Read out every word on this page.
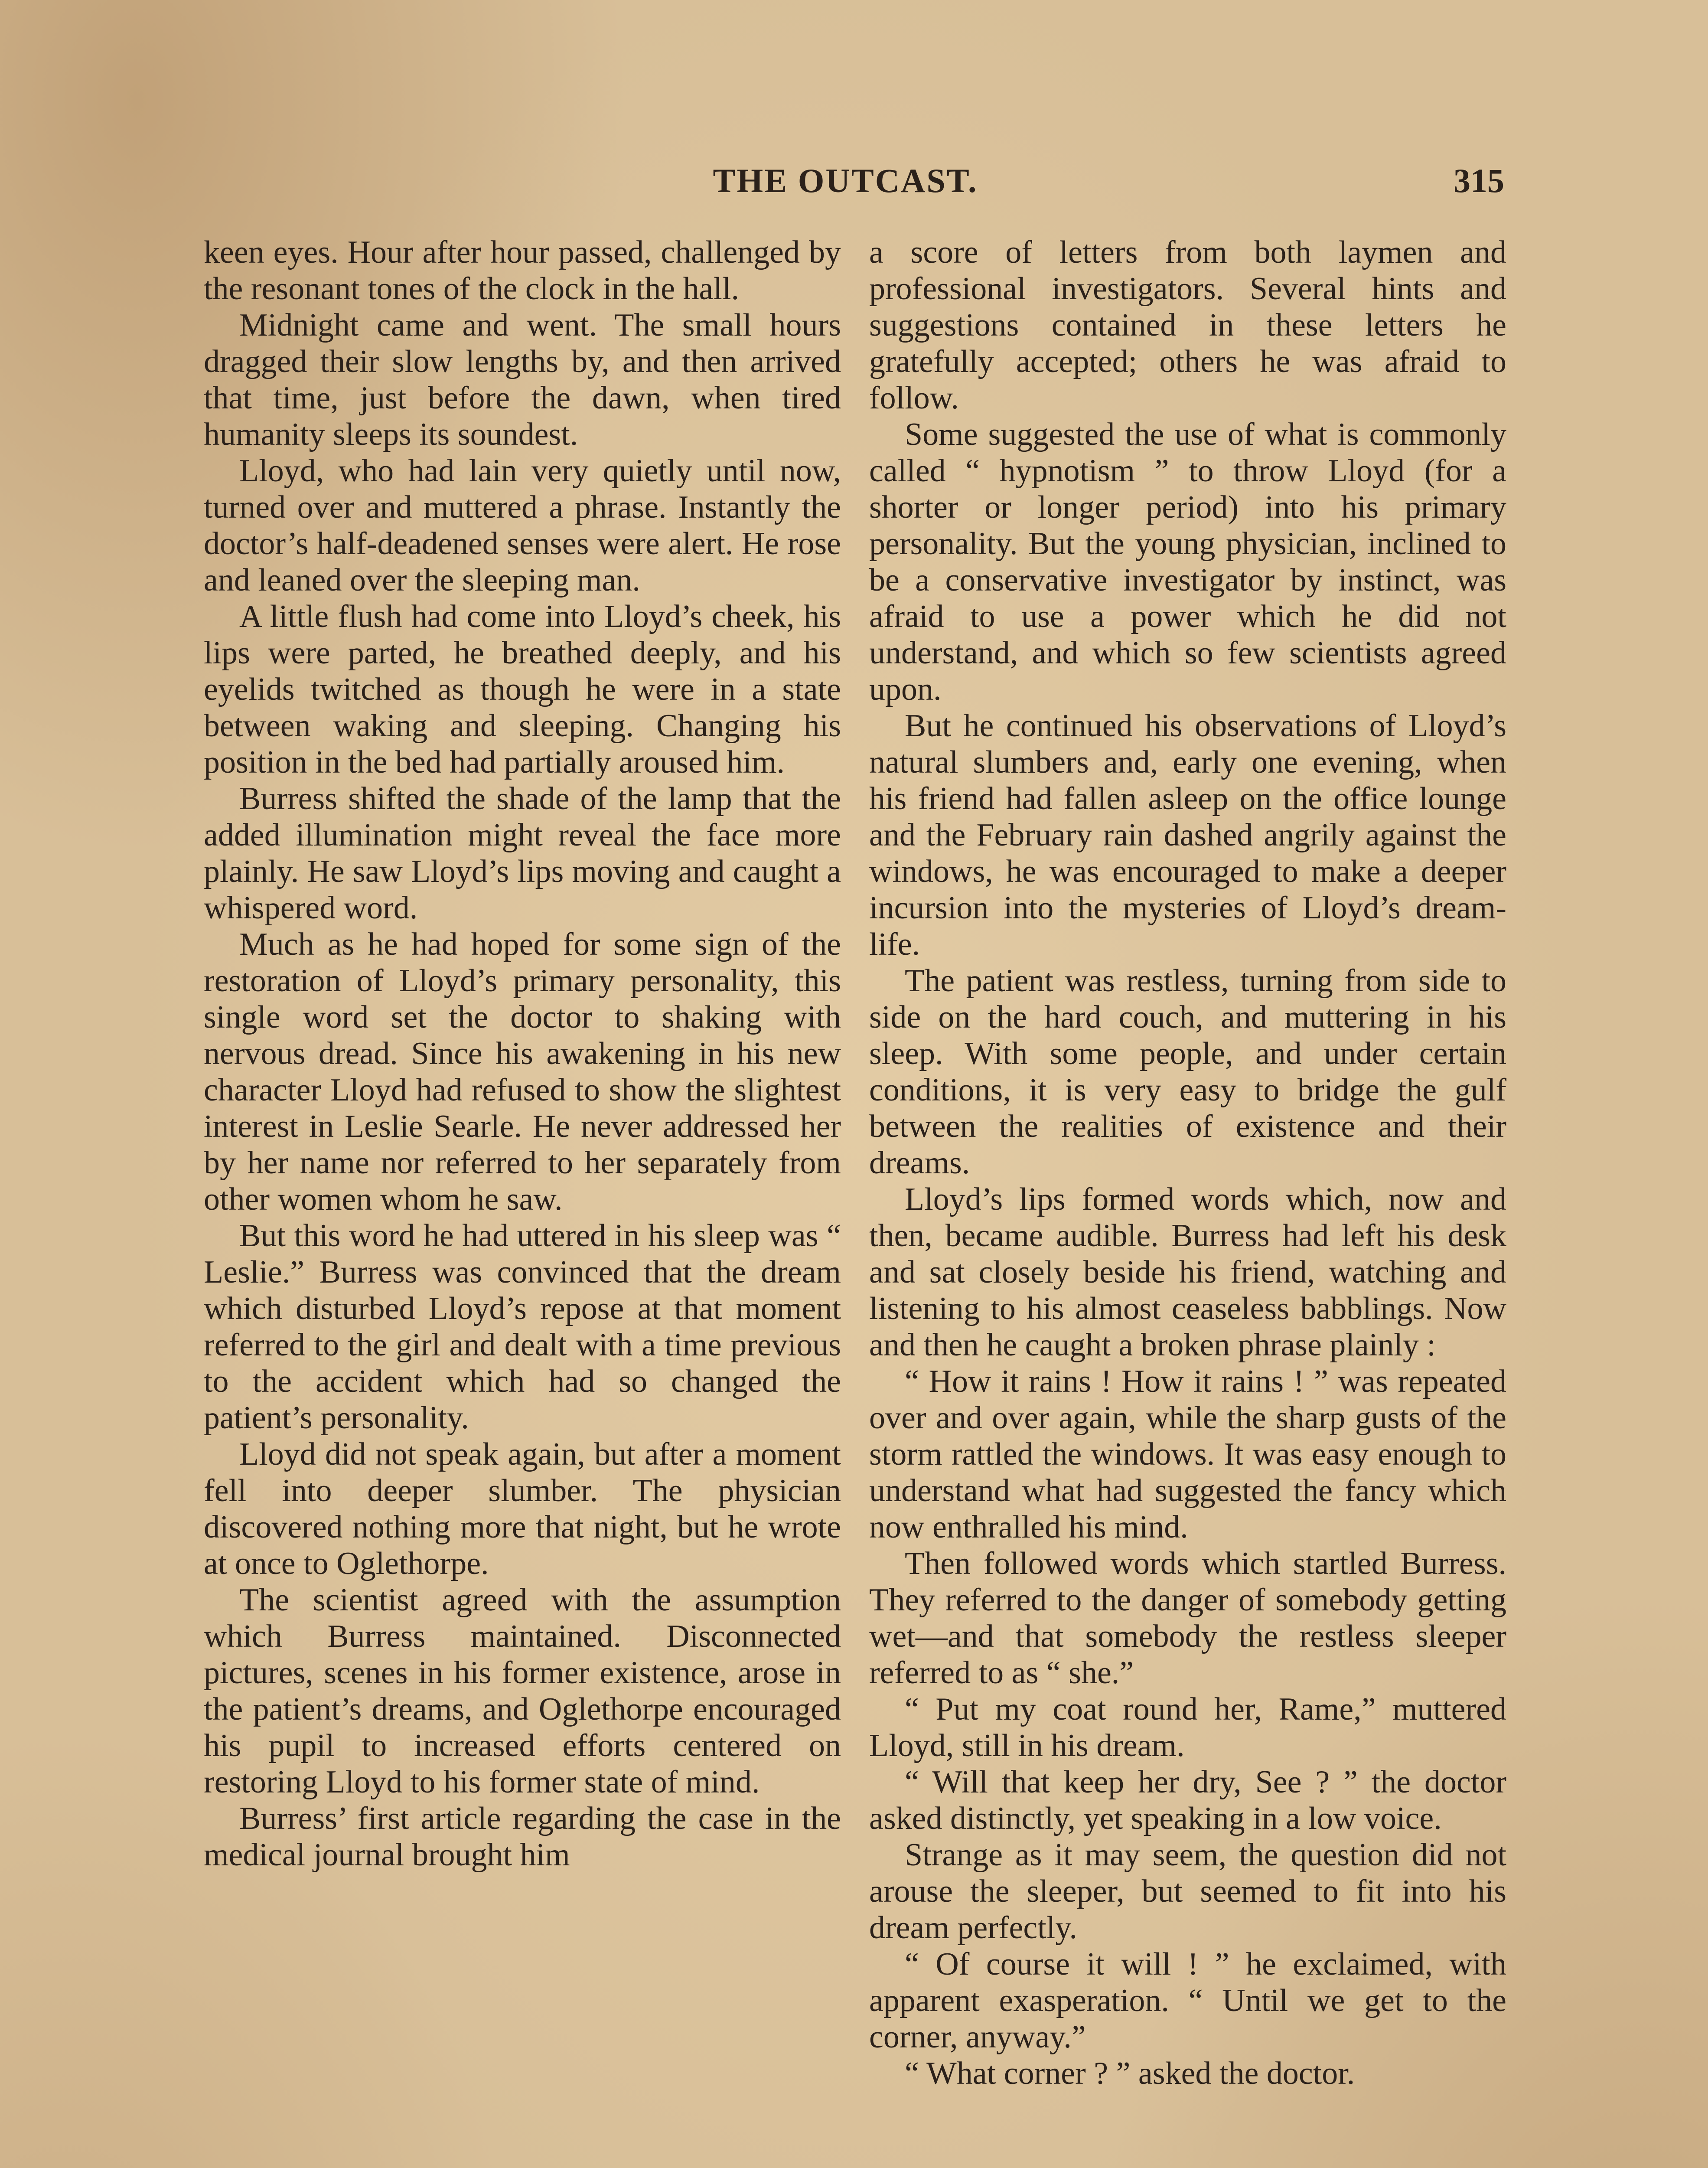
THE OUTCAST.	315

keen eyes. Hour after hour passed, challenged by the resonant tones of the clock in the hall.

Midnight came and went. The small hours dragged their slow lengths by, and then arrived that time, just before the dawn, when tired humanity sleeps its soundest.

Lloyd, who had lain very quietly until now, turned over and muttered a phrase. Instantly the doctor’s half-deadened senses were alert. He rose and leaned over the sleeping man.

A little flush had come into Lloyd’s cheek, his lips were parted, he breathed deeply, and his eyelids twitched as though he were in a state between waking and sleeping. Changing his position in the bed had partially aroused him.

Burress shifted the shade of the lamp that the added illumination might reveal the face more plainly. He saw Lloyd’s lips moving and caught a whispered word.

Much as he had hoped for some sign of the restoration of Lloyd’s primary personality, this single word set the doctor to shaking with nervous dread. Since his awakening in his new character Lloyd had refused to show the slightest interest in Leslie Searle. He never addressed her by her name nor referred to her separately from other women whom he saw.

But this word he had uttered in his sleep was “ Leslie.” Burress was convinced that the dream which disturbed Lloyd’s repose at that moment referred to the girl and dealt with a time previous to the accident which had so changed the patient’s personality.

Lloyd did not speak again, but after a moment fell into deeper slumber. The physician discovered nothing more that night, but he wrote at once to Oglethorpe.

The scientist agreed with the assumption which Burress maintained. Disconnected pictures, scenes in his former existence, arose in the patient’s dreams, and Oglethorpe encouraged his pupil to increased efforts centered on restoring Lloyd to his former state of mind.

Burress’ first article regarding the case in the medical journal brought him

a score of letters from both laymen and professional investigators. Several hints and suggestions contained in these letters he gratefully accepted; others he was afraid to follow.

Some suggested the use of what is commonly called “ hypnotism ” to throw Lloyd (for a shorter or longer period) into his primary personality. But the young physician, inclined to be a conservative investigator by instinct, was afraid to use a power which he did not understand, and which so few scientists agreed upon.

But he continued his observations of Lloyd’s natural slumbers and, early one evening, when his friend had fallen asleep on the office lounge and the February rain dashed angrily against the windows, he was encouraged to make a deeper incursion into the mysteries of Lloyd’s dream-life.

The patient was restless, turning from side to side on the hard couch, and muttering in his sleep. With some people, and under certain conditions, it is very easy to bridge the gulf between the realities of existence and their dreams.

Lloyd’s lips formed words which, now and then, became audible. Burress had left his desk and sat closely beside his friend, watching and listening to his almost ceaseless babblings. Now and then he caught a broken phrase plainly :

“ How it rains ! How it rains ! ” was repeated over and over again, while the sharp gusts of the storm rattled the windows. It was easy enough to understand what had suggested the fancy which now enthralled his mind.

Then followed words which startled Burress. They referred to the danger of somebody getting wet—and that somebody the restless sleeper referred to as “ she.”

“ Put my coat round her, Rame,” muttered Lloyd, still in his dream.

“ Will that keep her dry, See ? ” the doctor asked distinctly, yet speaking in a low voice.

Strange as it may seem, the question did not arouse the sleeper, but seemed to fit into his dream perfectly.

“ Of course it will ! ” he exclaimed, with apparent exasperation. “ Until we get to the corner, anyway.”

“ What corner ? ” asked the doctor.
